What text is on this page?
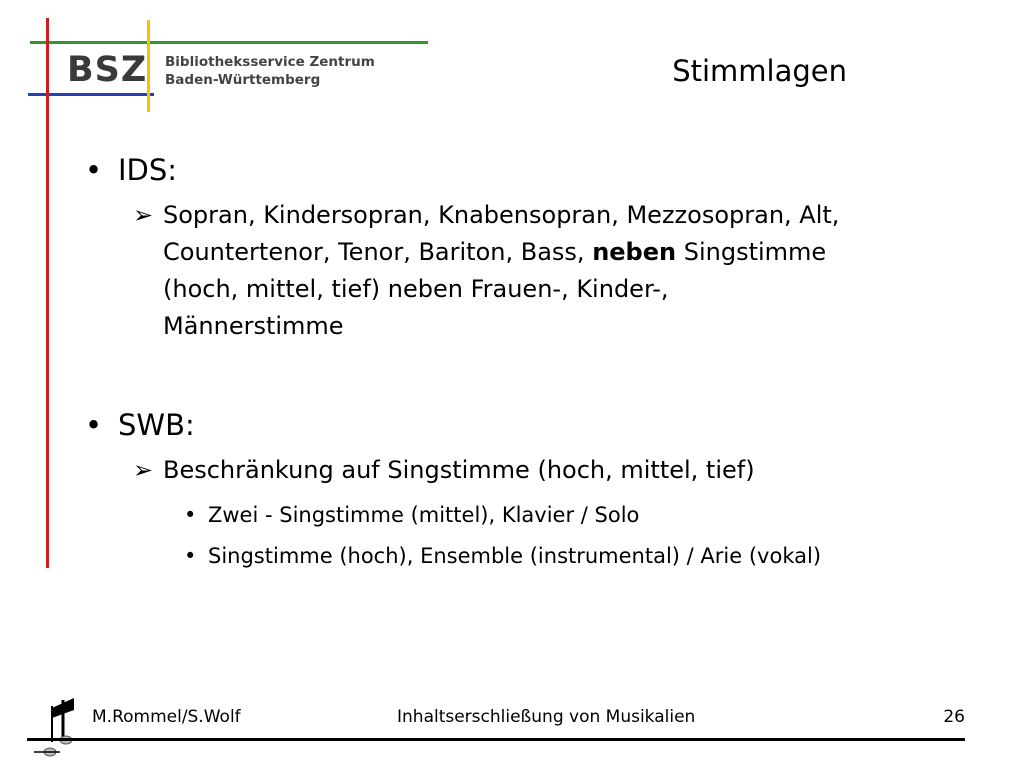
BSZ Bibliotheksservice Zentrum
Baden-Württemberg	Stimmlagen
• IDS:
➢ Sopran, Kindersopran, Knabensopran, Mezzosopran, Alt,
Countertenor, Tenor, Bariton, Bass, neben Singstimme
(hoch, mittel, tief) neben Frauen-, Kinder-,
Männerstimme
• SWB:
➢ Beschränkung auf Singstimme (hoch, mittel, tief)
• Zwei - Singstimme (mittel), Klavier / Solo
• Singstimme (hoch), Ensemble (instrumental) / Arie (vokal)
M.Rommel/S.Wolf	Inhaltserschließung von Musikalien	26
